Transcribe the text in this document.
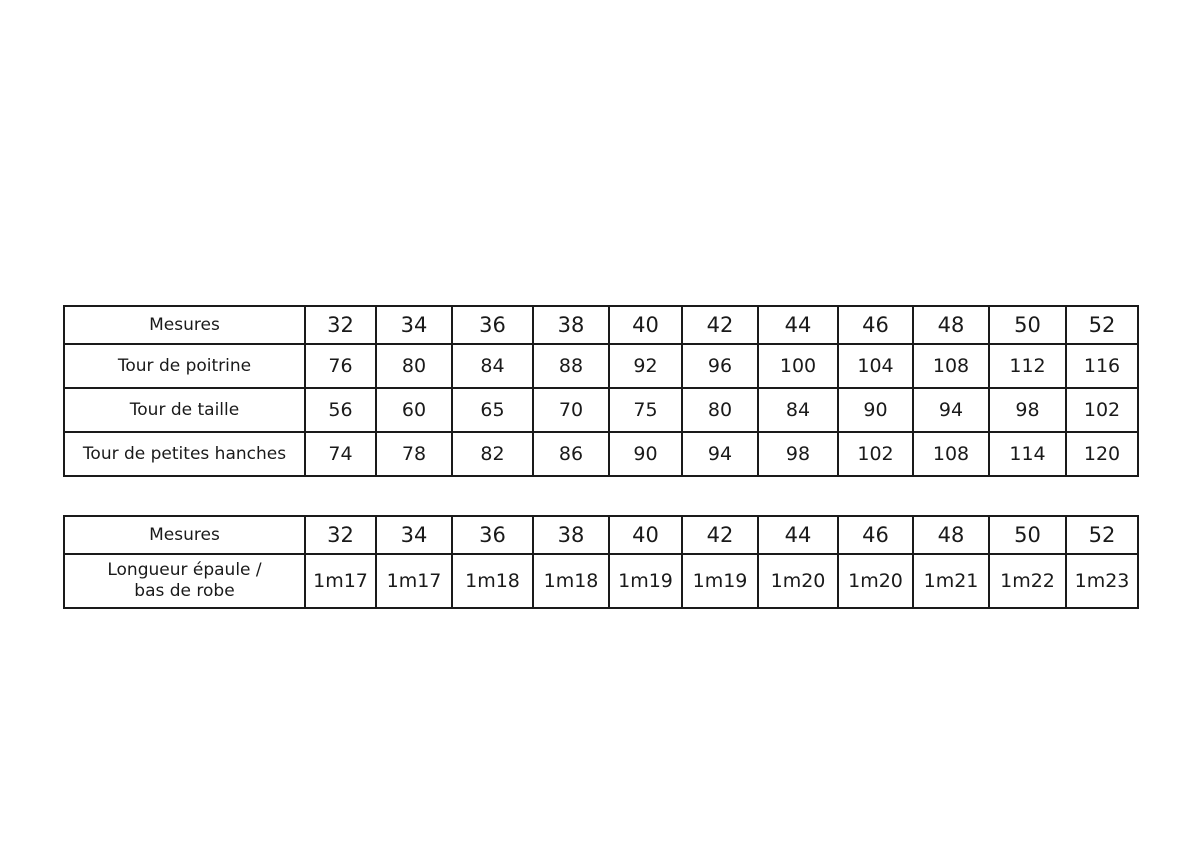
Mesures	32	34	36	38	40	42	44	46	48	50	52
Tour de poitrine	76	80	84	88	92	96	100	104	108	112	116
Tour de taille	56	60	65	70	75	80	84	90	94	98	102
Tour de petites hanches	74	78	82	86	90	94	98	102	108	114	120
Mesures	32	34	36	38	40	42	44	46	48	50	52
Longueur épaule /
bas de robe	1m17	1m17	1m18	1m18	1m19	1m19	1m20	1m20	1m21	1m22	1m23
